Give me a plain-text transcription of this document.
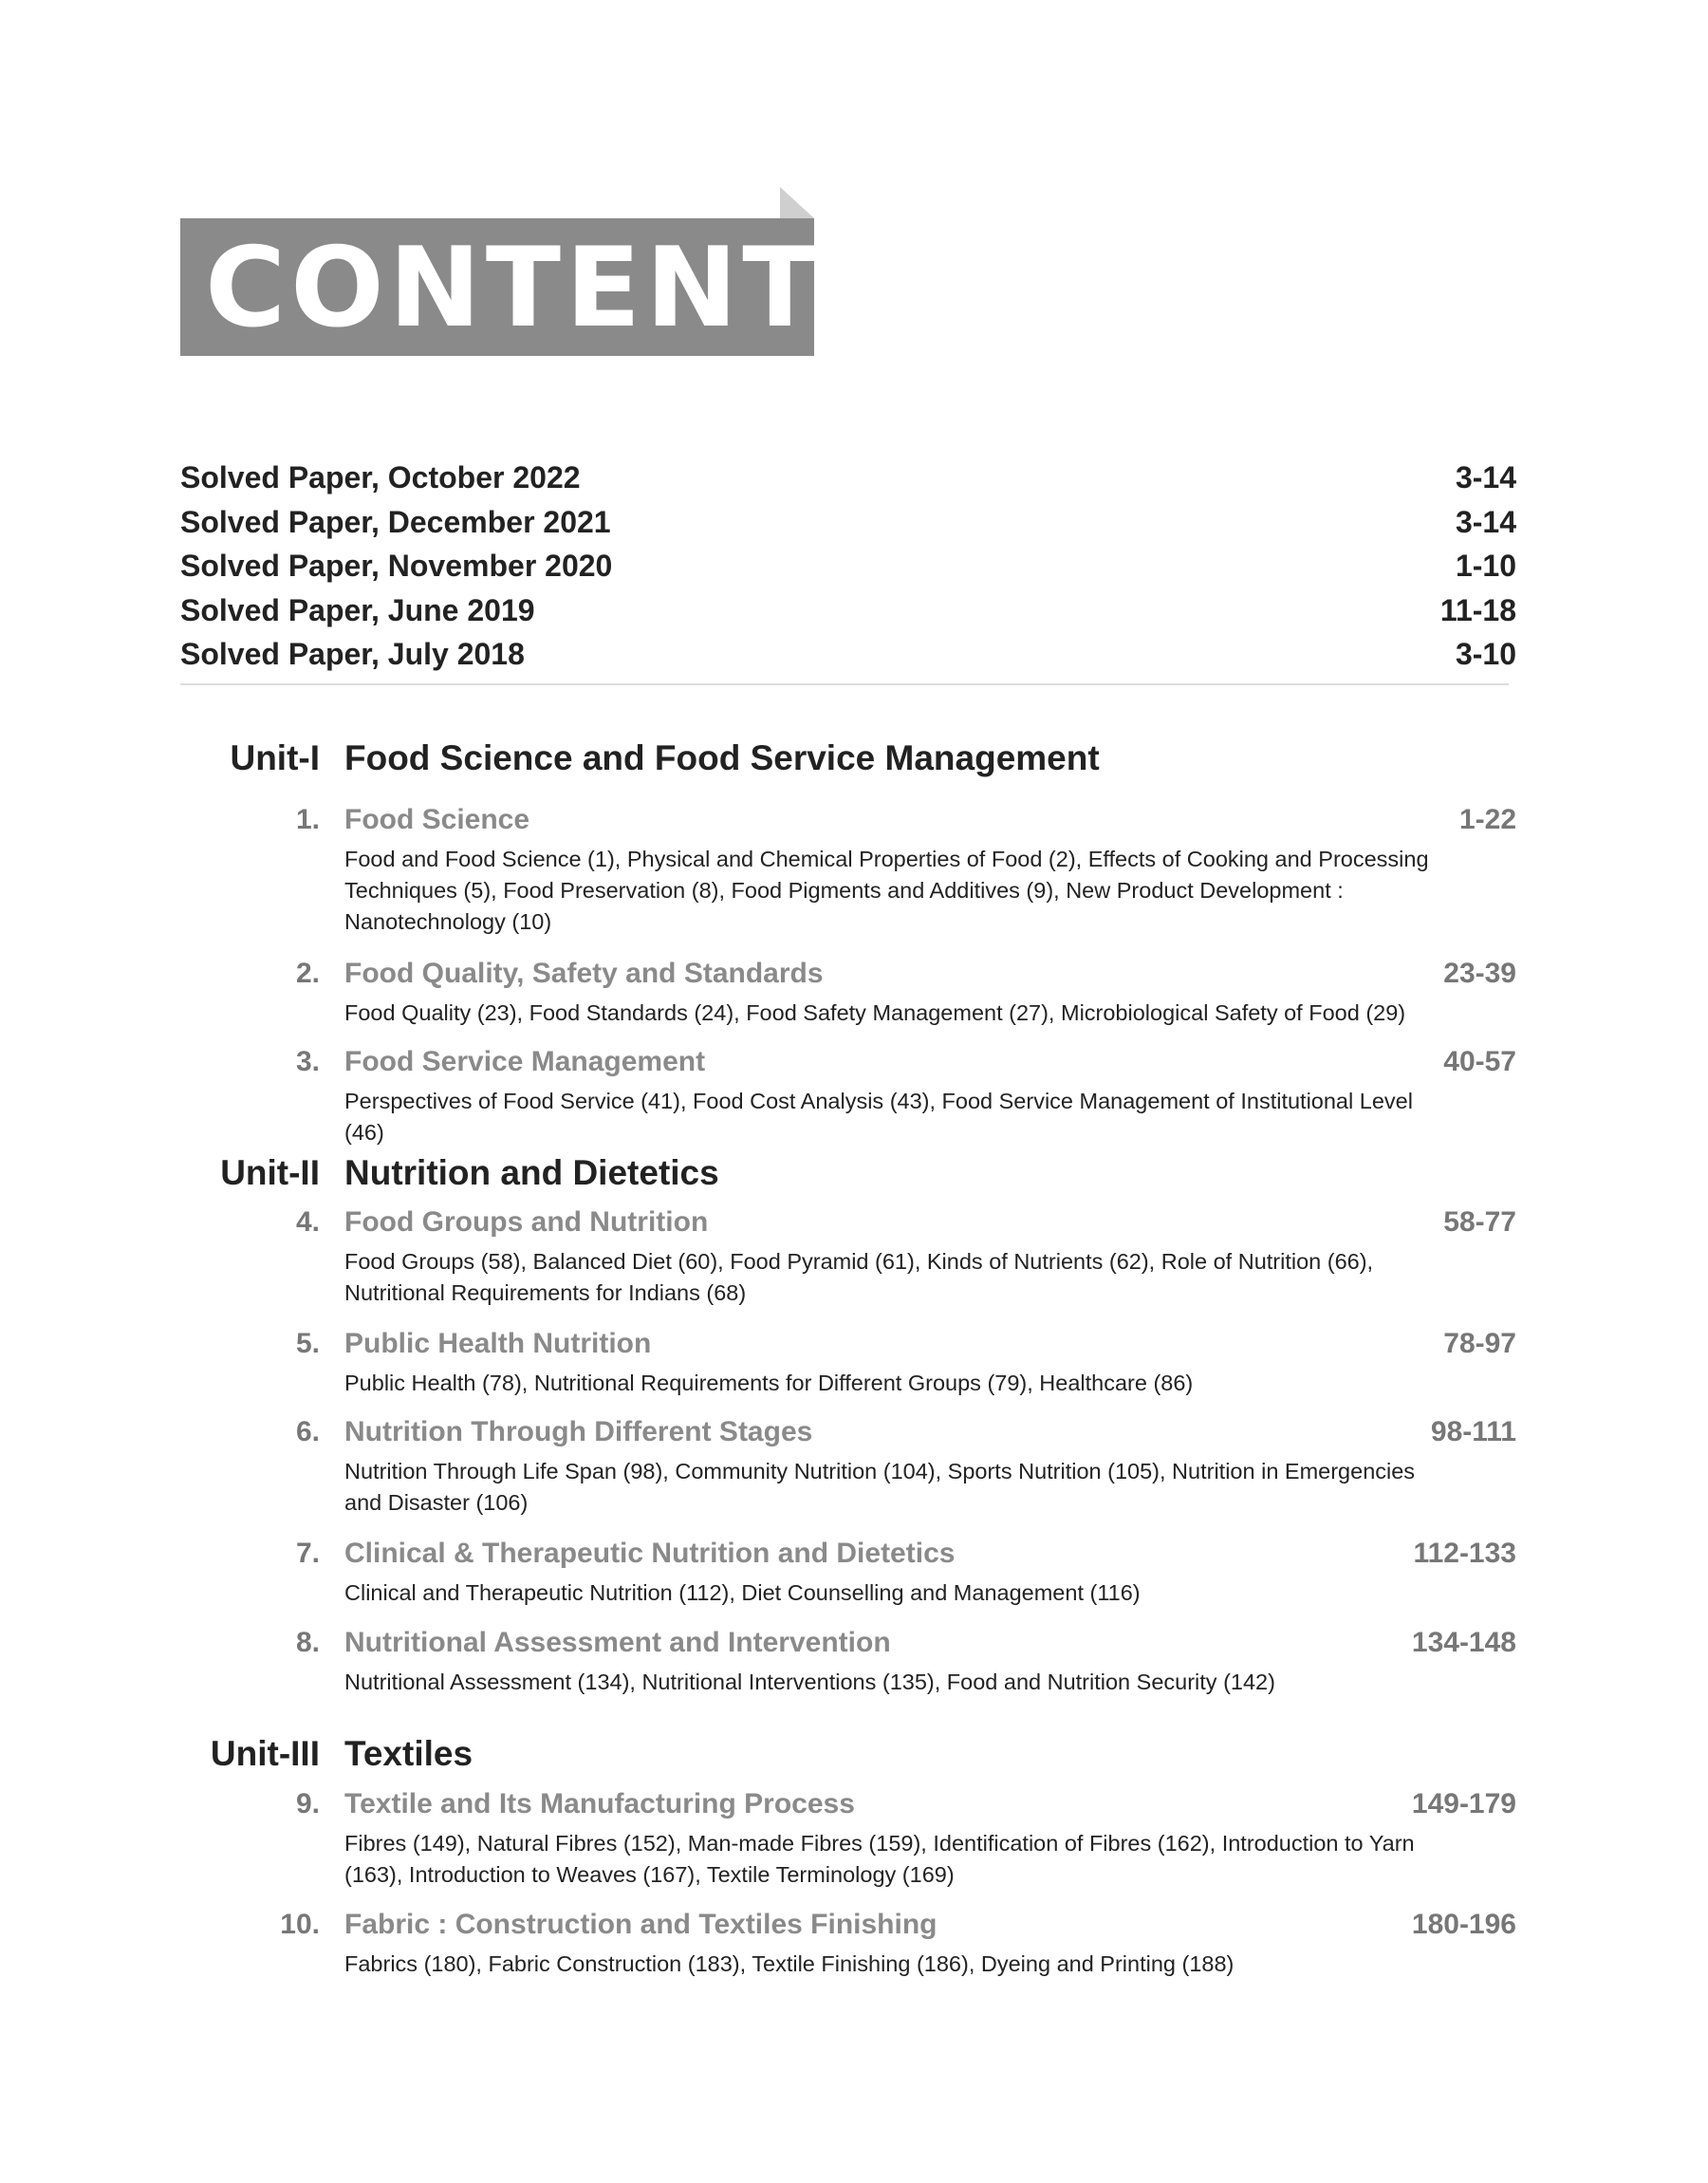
CONTENTS
Solved Paper, October 2022	3-14
Solved Paper, December 2021	3-14
Solved Paper, November 2020	1-10
Solved Paper, June 2019	11-18
Solved Paper, July 2018	3-10
Unit-I Food Science and Food Service Management
1. Food Science	1-22
Food and Food Science (1), Physical and Chemical Properties of Food (2), Effects of Cooking and Processing Techniques (5), Food Preservation (8), Food Pigments and Additives (9), New Product Development : Nanotechnology (10)
2. Food Quality, Safety and Standards	23-39
Food Quality (23), Food Standards (24), Food Safety Management (27), Microbiological Safety of Food (29)
3. Food Service Management	40-57
Perspectives of Food Service (41), Food Cost Analysis (43), Food Service Management of Institutional Level (46)
Unit-II Nutrition and Dietetics
4. Food Groups and Nutrition	58-77
Food Groups (58), Balanced Diet (60), Food Pyramid (61), Kinds of Nutrients (62), Role of Nutrition (66), Nutritional Requirements for Indians (68)
5. Public Health Nutrition	78-97
Public Health (78), Nutritional Requirements for Different Groups (79), Healthcare (86)
6. Nutrition Through Different Stages	98-111
Nutrition Through Life Span (98), Community Nutrition (104), Sports Nutrition (105), Nutrition in Emergencies and Disaster (106)
7. Clinical & Therapeutic Nutrition and Dietetics	112-133
Clinical and Therapeutic Nutrition (112), Diet Counselling and Management (116)
8. Nutritional Assessment and Intervention	134-148
Nutritional Assessment (134), Nutritional Interventions (135), Food and Nutrition Security (142)
Unit-III Textiles
9. Textile and Its Manufacturing Process	149-179
Fibres (149), Natural Fibres (152), Man-made Fibres (159), Identification of Fibres (162), Introduction to Yarn (163), Introduction to Weaves (167), Textile Terminology (169)
10. Fabric : Construction and Textiles Finishing	180-196
Fabrics (180), Fabric Construction (183), Textile Finishing (186), Dyeing and Printing (188)
